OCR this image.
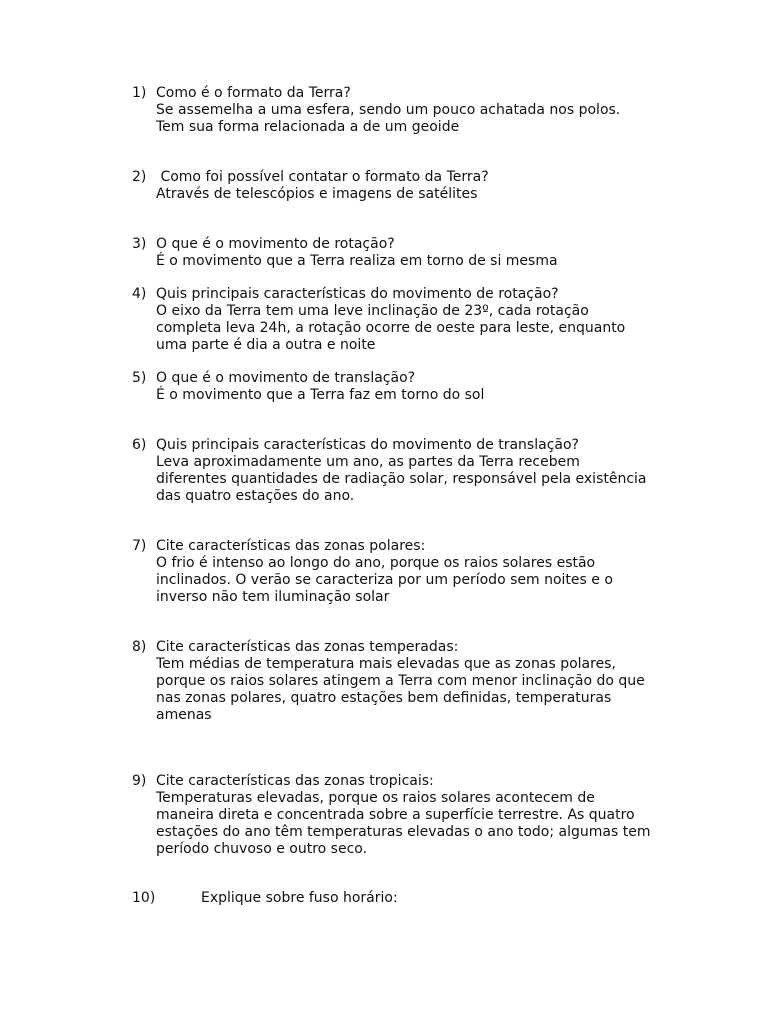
1) Como é o formato da Terra?
Se assemelha a uma esfera, sendo um pouco achatada nos polos.
Tem sua forma relacionada a de um geoide
2) Como foi possível contatar o formato da Terra?
Através de telescópios e imagens de satélites
3) O que é o movimento de rotação?
É o movimento que a Terra realiza em torno de si mesma
4) Quis principais características do movimento de rotação?
O eixo da Terra tem uma leve inclinação de 23º, cada rotação
completa leva 24h, a rotação ocorre de oeste para leste, enquanto
uma parte é dia a outra e noite
5) O que é o movimento de translação?
É o movimento que a Terra faz em torno do sol
6) Quis principais características do movimento de translação?
Leva aproximadamente um ano, as partes da Terra recebem
diferentes quantidades de radiação solar, responsável pela existência
das quatro estações do ano.
7) Cite características das zonas polares:
O frio é intenso ao longo do ano, porque os raios solares estão
inclinados. O verão se caracteriza por um período sem noites e o
inverso não tem iluminação solar
8) Cite características das zonas temperadas:
Tem médias de temperatura mais elevadas que as zonas polares,
porque os raios solares atingem a Terra com menor inclinação do que
nas zonas polares, quatro estações bem definidas, temperaturas
amenas
9) Cite características das zonas tropicais:
Temperaturas elevadas, porque os raios solares acontecem de
maneira direta e concentrada sobre a superfície terrestre. As quatro
estações do ano têm temperaturas elevadas o ano todo; algumas tem
período chuvoso e outro seco.
10)	Explique sobre fuso horário:
